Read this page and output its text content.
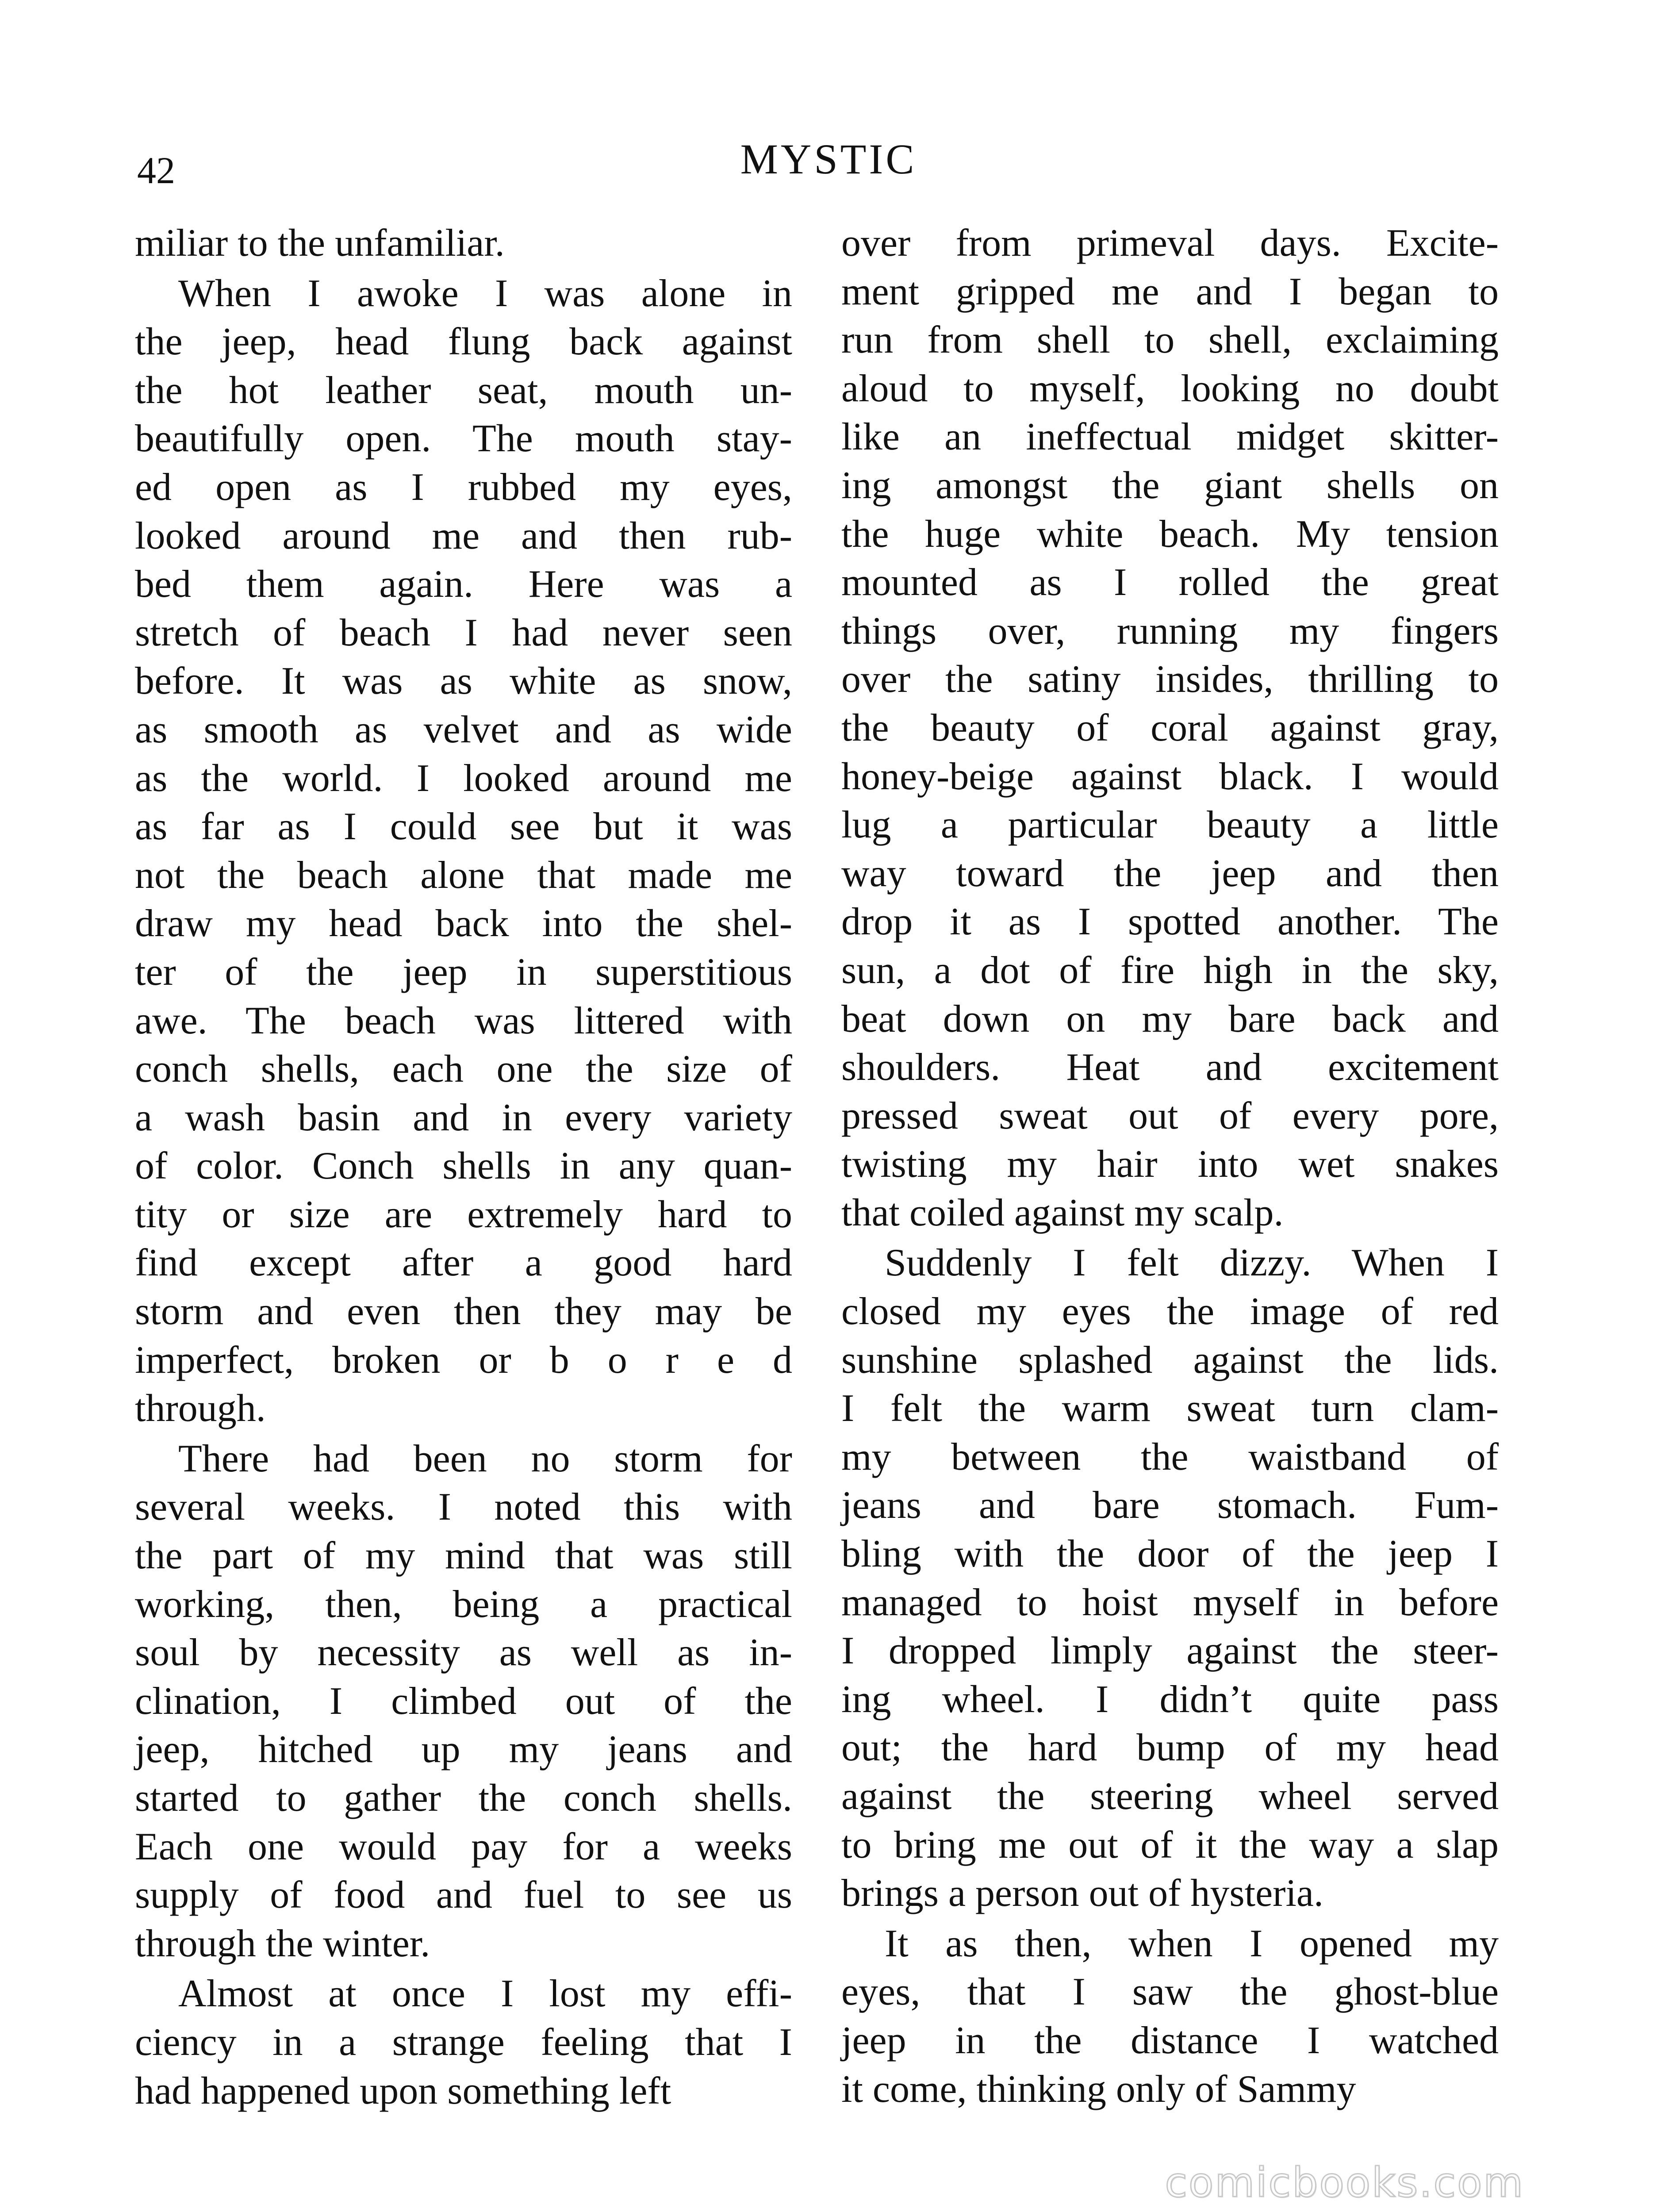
42	MYSTIC
miliar to the unfamiliar.
When I awoke I was alone in
the jeep, head flung back against
the hot leather seat, mouth un-
beautifully open. The mouth stay-
ed open as I rubbed my eyes,
looked around me and then rub-
bed them again. Here was a
stretch of beach I had never seen
before. It was as white as snow,
as smooth as velvet and as wide
as the world. I looked around me
as far as I could see but it was
not the beach alone that made me
draw my head back into the shel-
ter of the jeep in superstitious
awe. The beach was littered with
conch shells, each one the size of
a wash basin and in every variety
of color. Conch shells in any quan-
tity or size are extremely hard to
find except after a good hard
storm and even then they may be
imperfect, broken or b o r e d
through.
There had been no storm for
several weeks. I noted this with
the part of my mind that was still
working, then, being a practical
soul by necessity as well as in-
clination, I climbed out of the
jeep, hitched up my jeans and
started to gather the conch shells.
Each one would pay for a weeks
supply of food and fuel to see us
through the winter.
Almost at once I lost my effi-
ciency in a strange feeling that I
had happened upon something left
over from primeval days. Excite-
ment gripped me and I began to
run from shell to shell, exclaiming
aloud to myself, looking no doubt
like an ineffectual midget skitter-
ing amongst the giant shells on
the huge white beach. My tension
mounted as I rolled the great
things over, running my fingers
over the satiny insides, thrilling to
the beauty of coral against gray,
honey-beige against black. I would
lug a particular beauty a little
way toward the jeep and then
drop it as I spotted another. The
sun, a dot of fire high in the sky,
beat down on my bare back and
shoulders. Heat and excitement
pressed sweat out of every pore,
twisting my hair into wet snakes
that coiled against my scalp.
Suddenly I felt dizzy. When I
closed my eyes the image of red
sunshine splashed against the lids.
I felt the warm sweat turn clam-
my between the waistband of
jeans and bare stomach. Fum-
bling with the door of the jeep I
managed to hoist myself in before
I dropped limply against the steer-
ing wheel. I didn’t quite pass
out; the hard bump of my head
against the steering wheel served
to bring me out of it the way a slap
brings a person out of hysteria.
It as then, when I opened my
eyes, that I saw the ghost-blue
jeep in the distance I watched
it come, thinking only of Sammy
comicbooks.com
